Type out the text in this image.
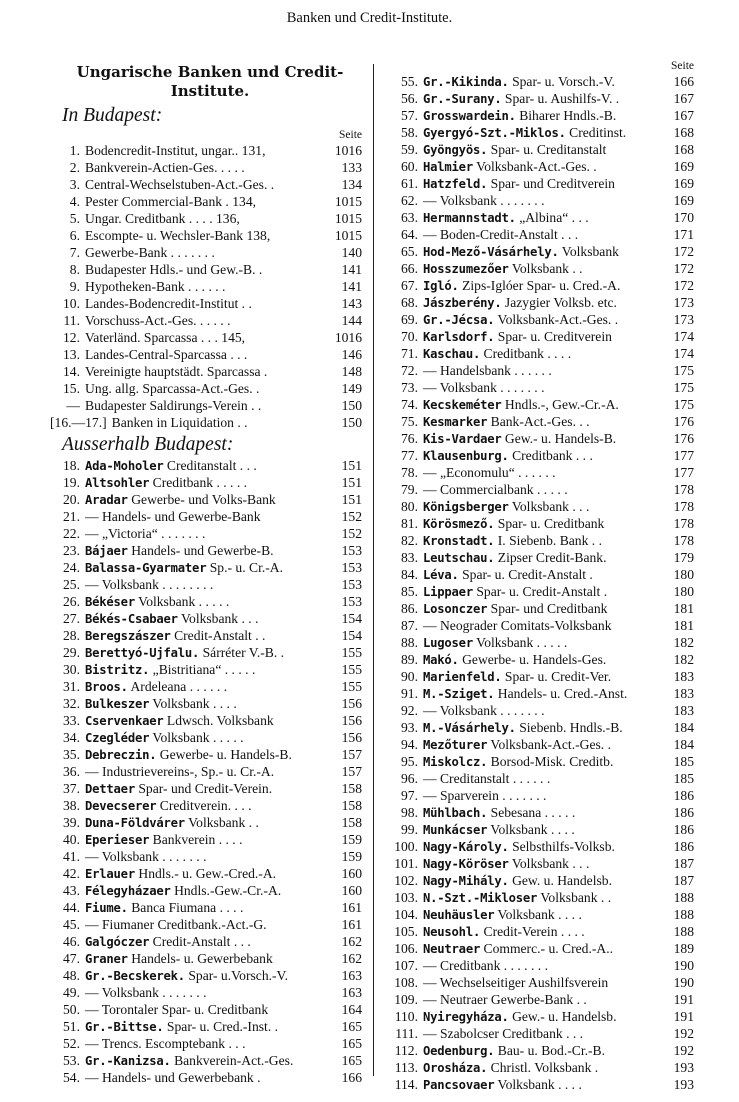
Banken und Credit-Institute.
Ungarische Banken und Credit-Institute.
In Budapest:
Seite
1. Bodencredit-Institut, ungar.. 131,	1016
2. Bankverein-Actien-Ges. . . . .	133
3. Central-Wechselstuben-Act.-Ges. .	134
4. Pester Commercial-Bank . 134,	1015
5. Ungar. Creditbank . . . . 136,	1015
6. Escompte- u. Wechsler-Bank 138,	1015
7. Gewerbe-Bank . . . . . . .	140
8. Budapester Hdls.- und Gew.-B. .	141
9. Hypotheken-Bank . . . . . .	141
10. Landes-Bodencredit-Institut . .	143
11. Vorschuss-Act.-Ges. . . . . .	144
12. Vaterländ. Sparcassa . . . 145,	1016
13. Landes-Central-Sparcassa . . .	146
14. Vereinigte hauptstädt. Sparcassa .	148
15. Ung. allg. Sparcassa-Act.-Ges. .	149
— Budapester Saldirungs-Verein . .	150
[16.—17.] Banken in Liquidation . .	150
Ausserhalb Budapest:
18. Ada-Moholer Creditanstalt . . .	151
19. Altsohler Creditbank . . . . .	151
20. Aradar Gewerbe- und Volks-Bank	151
21. — Handels- und Gewerbe-Bank	152
22. — „Victoria“ . . . . . . .	152
23. Bájaer Handels- und Gewerbe-B.	153
24. Balassa-Gyarmater Sp.- u. Cr.-A.	153
25. — Volksbank . . . . . . . .	153
26. Békéser Volksbank . . . . .	153
27. Békés-Csabaer Volksbank . . .	154
28. Beregszászer Credit-Anstalt . .	154
29. Berettyó-Ujfalu. Sárréter V.-B. .	155
30. Bistritz. „Bistritiana“ . . . . .	155
31. Broos. Ardeleana . . . . . .	155
32. Bulkeszer Volksbank . . . .	156
33. Cservenkaer Ldwsch. Volksbank	156
34. Czegléder Volksbank . . . . .	156
35. Debreczin. Gewerbe- u. Handels-B.	157
36. — Industrievereins-, Sp.- u. Cr.-A.	157
37. Dettaer Spar- und Credit-Verein.	158
38. Devecserer Creditverein. . . .	158
39. Duna-Földvárer Volksbank . .	158
40. Eperieser Bankverein . . . .	159
41. — Volksbank . . . . . . .	159
42. Erlauer Hndls.- u. Gew.-Cred.-A.	160
43. Félegyházaer Hndls.-Gew.-Cr.-A.	160
44. Fiume. Banca Fiumana . . . .	161
45. — Fiumaner Creditbank.-Act.-G.	161
46. Galgóczer Credit-Anstalt . . .	162
47. Graner Handels- u. Gewerbebank	162
48. Gr.-Becskerek. Spar- u.Vorsch.-V.	163
49. — Volksbank . . . . . . .	163
50. — Torontaler Spar- u. Creditbank	164
51. Gr.-Bittse. Spar- u. Cred.-Inst. .	165
52. — Trencs. Escomptebank . . .	165
53. Gr.-Kanizsa. Bankverein-Act.-Ges.	165
54. — Handels- und Gewerbebank .	166
Seite
55. Gr.-Kikinda. Spar- u. Vorsch.-V.	166
56. Gr.-Surany. Spar- u. Aushilfs-V. .	167
57. Grosswardein. Biharer Hndls.-B.	167
58. Gyergyó-Szt.-Miklos. Creditinst.	168
59. Gyöngyös. Spar- u. Creditanstalt	168
60. Halmier Volksbank-Act.-Ges. .	169
61. Hatzfeld. Spar- und Creditverein	169
62. — Volksbank . . . . . . .	169
63. Hermannstadt. „Albina“ . . .	170
64. — Boden-Credit-Anstalt . . .	171
65. Hod-Mező-Vásárhely. Volksbank	172
66. Hosszumezőer Volksbank . .	172
67. Igló. Zips-Iglóer Spar- u. Cred.-A.	172
68. Jászberény. Jazygier Volksb. etc.	173
69. Gr.-Jécsa. Volksbank-Act.-Ges. .	173
70. Karlsdorf. Spar- u. Creditverein	174
71. Kaschau. Creditbank . . . .	174
72. — Handelsbank . . . . . .	175
73. — Volksbank . . . . . . .	175
74. Kecskeméter Hndls.-, Gew.-Cr.-A.	175
75. Kesmarker Bank-Act.-Ges. . .	176
76. Kis-Vardaer Gew.- u. Handels-B.	176
77. Klausenburg. Creditbank . . .	177
78. — „Economulu“ . . . . . .	177
79. — Commercialbank . . . . .	178
80. Königsberger Volksbank . . .	178
81. Körösmező. Spar- u. Creditbank	178
82. Kronstadt. I. Siebenb. Bank . .	178
83. Leutschau. Zipser Credit-Bank.	179
84. Léva. Spar- u. Credit-Anstalt .	180
85. Lippaer Spar- u. Credit-Anstalt .	180
86. Losonczer Spar- und Creditbank	181
87. — Neograder Comitats-Volksbank	181
88. Lugoser Volksbank . . . . .	182
89. Makó. Gewerbe- u. Handels-Ges.	182
90. Marienfeld. Spar- u. Credit-Ver.	183
91. M.-Sziget. Handels- u. Cred.-Anst.	183
92. — Volksbank . . . . . . .	183
93. M.-Vásárhely. Siebenb. Hndls.-B.	184
94. Mezőturer Volksbank-Act.-Ges. .	184
95. Miskolcz. Borsod-Misk. Creditb.	185
96. — Creditanstalt . . . . . .	185
97. — Sparverein . . . . . . .	186
98. Mühlbach. Sebesana . . . . .	186
99. Munkácser Volksbank . . . .	186
100. Nagy-Károly. Selbsthilfs-Volksb.	186
101. Nagy-Köröser Volksbank . . .	187
102. Nagy-Mihály. Gew. u. Handelsb.	187
103. N.-Szt.-Mikloser Volksbank . .	188
104. Neuhäusler Volksbank . . . .	188
105. Neusohl. Credit-Verein . . . .	188
106. Neutraer Commerc.- u. Cred.-A..	189
107. — Creditbank . . . . . . .	190
108. — Wechselseitiger Aushilfsverein	190
109. — Neutraer Gewerbe-Bank . .	191
110. Nyiregyháza. Gew.- u. Handelsb.	191
111. — Szabolcser Creditbank . . .	192
112. Oedenburg. Bau- u. Bod.-Cr.-B.	192
113. Orosháza. Christl. Volksbank .	193
114. Pancsovaer Volksbank . . . .	193
